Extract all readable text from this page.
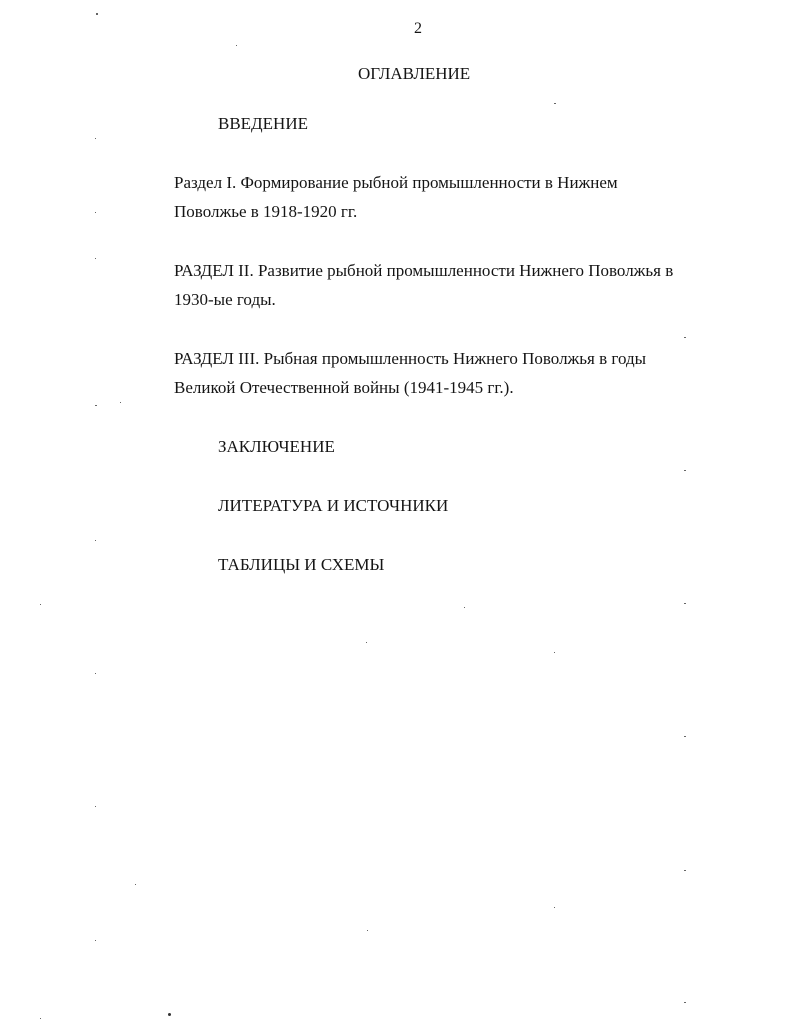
2
ОГЛАВЛЕНИЕ
ВВЕДЕНИЕ
Раздел I. Формирование рыбной промышленности в Нижнем
Поволжье в 1918-1920 гг.
РАЗДЕЛ II. Развитие рыбной промышленности Нижнего Поволжья в
1930-ые годы.
РАЗДЕЛ III. Рыбная промышленность Нижнего Поволжья в годы
Великой Отечественной войны (1941-1945 гг.).
ЗАКЛЮЧЕНИЕ
ЛИТЕРАТУРА И ИСТОЧНИКИ
ТАБЛИЦЫ И СХЕМЫ
